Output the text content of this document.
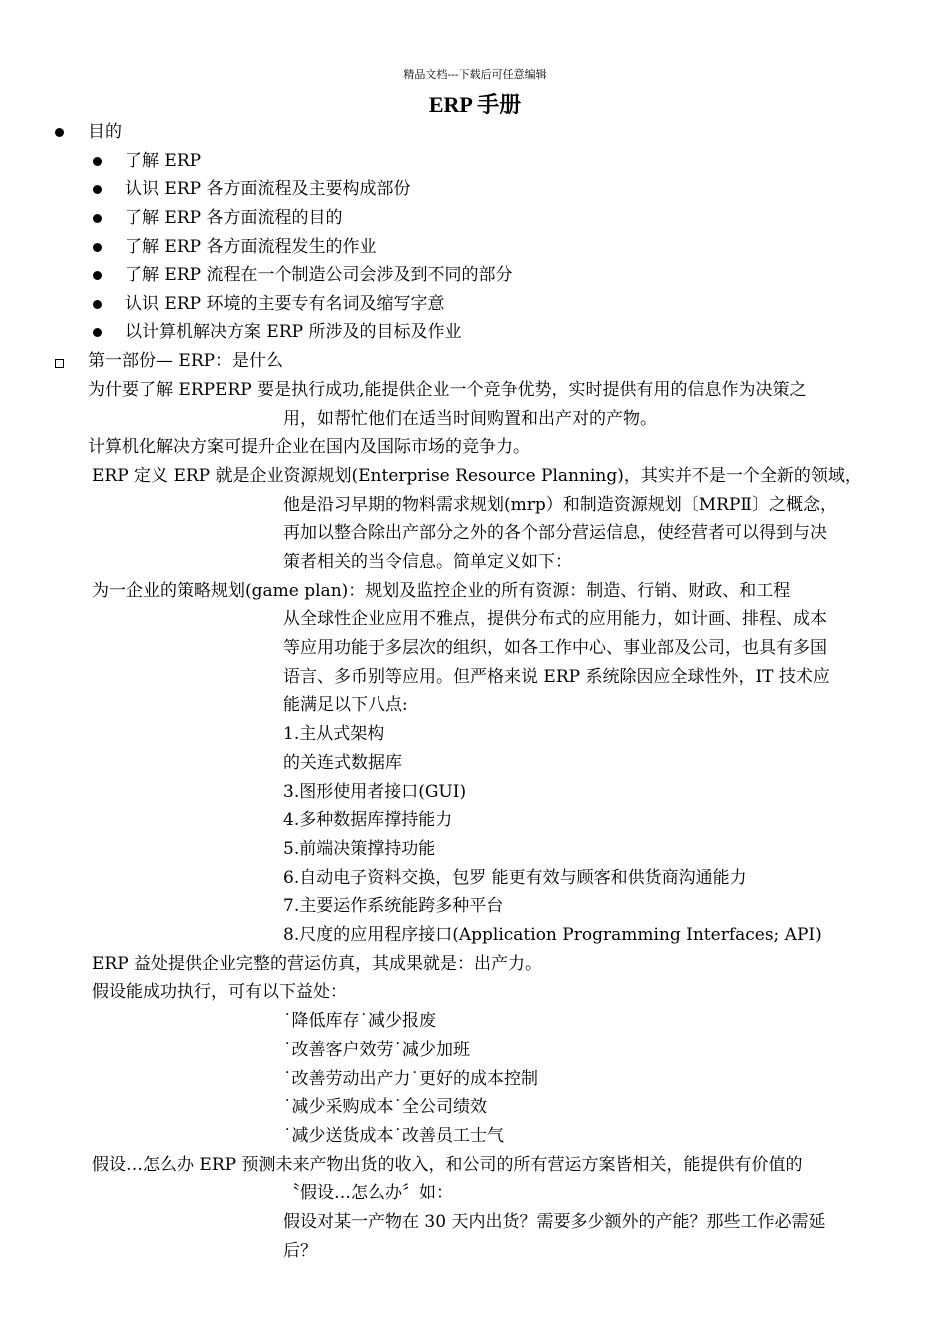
精品文档---下载后可任意编辑
ERP 手册
目的
了解 ERP
认识 ERP 各方面流程及主要构成部份
了解 ERP 各方面流程的目的
了解 ERP 各方面流程发生的作业
了解 ERP 流程在一个制造公司会涉及到不同的部分
认识 ERP 环境的主要专有名词及缩写字意
以计算机解决方案 ERP 所涉及的目标及作业
第一部份— ERP：是什么
为什要了解 ERPERP 要是执行成功,能提供企业一个竞争优势，实时提供有用的信息作为决策之
用，如帮忙他们在适当时间购置和出产对的产物。
计算机化解决方案可提升企业在国内及国际市场的竞争力。
ERP 定义 ERP 就是企业资源规划(Enterprise Resource Planning)，其实并不是一个全新的领域，
他是沿习早期的物料需求规划(mrp）和制造资源规划〔MRPⅡ〕之概念，
再加以整合除出产部分之外的各个部分营运信息，使经营者可以得到与决
策者相关的当令信息。简单定义如下：
为一企业的策略规划(game plan)：规划及监控企业的所有资源：制造、行销、财政、和工程
从全球性企业应用不雅点，提供分布式的应用能力，如计画、排程、成本
等应用功能于多层次的组织，如各工作中心、事业部及公司，也具有多国
语言、多币别等应用。但严格来说 ERP 系统除因应全球性外，IT 技术应
能满足以下八点:
1.主从式架构
的关连式数据库
3.图形使用者接口(GUI)
4.多种数据库撑持能力
5.前端决策撑持功能
6.自动电子资料交换，包罗 能更有效与顾客和供货商沟通能力
7.主要运作系统能跨多种平台
8.尺度的应用程序接口(Application Programming Interfaces; API)
ERP 益处提供企业完整的营运仿真，其成果就是：出产力。
假设能成功执行，可有以下益处：
˙降低库存˙减少报废
˙改善客户效劳˙减少加班
˙改善劳动出产力˙更好的成本控制
˙减少采购成本˙全公司绩效
˙减少送货成本˙改善员工士气
假设…怎么办 ERP 预测未来产物出货的收入，和公司的所有营运方案皆相关，能提供有价值的
〝假设…怎么办〞如：
假设对某一产物在 30 天内出货？需要多少额外的产能？那些工作必需延
后？
